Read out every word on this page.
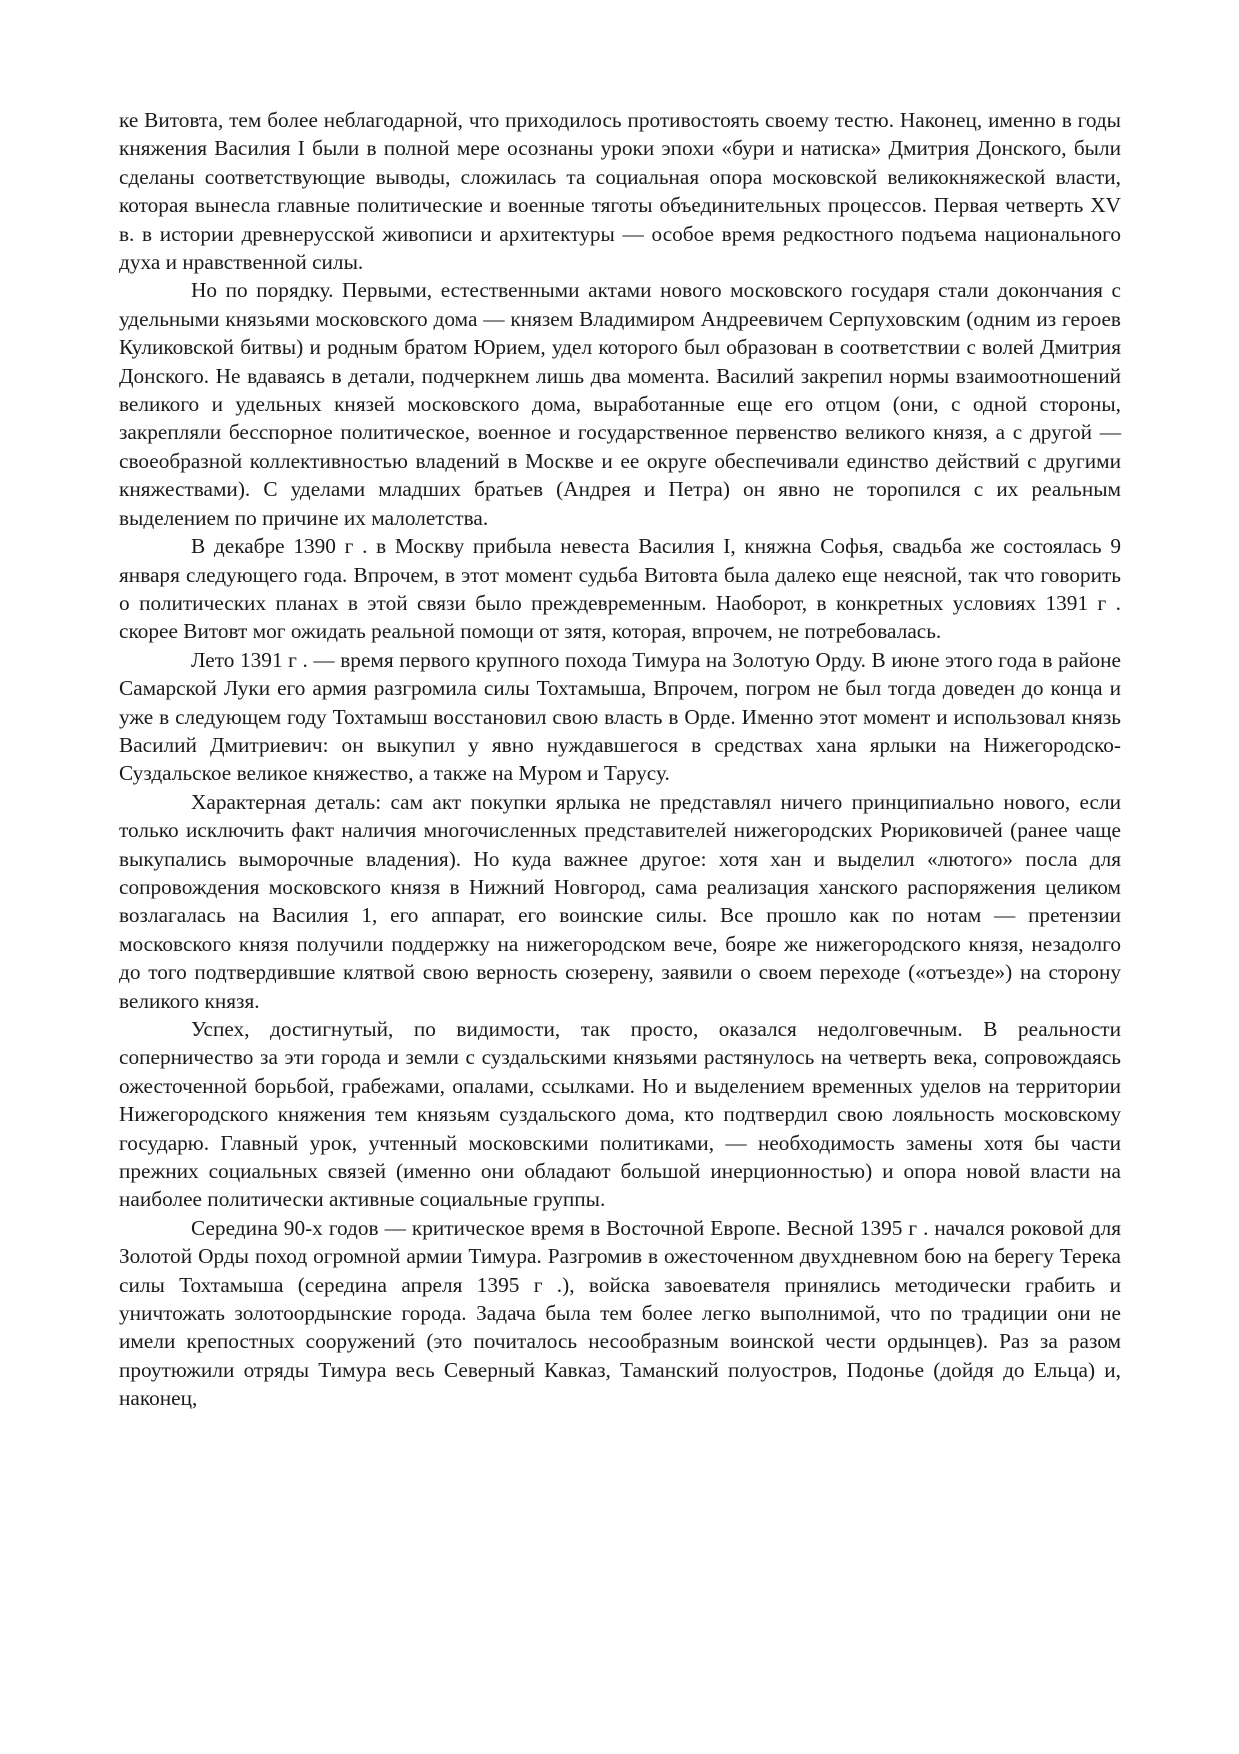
ке Витовта, тем более неблагодарной, что приходилось противостоять своему тестю. Наконец, именно в годы княжения Василия I были в полной мере осознаны уроки эпохи «бури и натиска» Дмитрия Донского, были сделаны соответствующие выводы, сложилась та социальная опора московской великокняжеской власти, которая вынесла главные политические и военные тяготы объединительных процессов. Первая четверть XV в. в истории древнерусской живописи и архитектуры — особое время редкостного подъема национального духа и нравственной силы.

Но по порядку. Первыми, естественными актами нового московского государя стали докончания с удельными князьями московского дома — князем Владимиром Андреевичем Серпуховским (одним из героев Куликовской битвы) и родным братом Юрием, удел которого был образован в соответствии с волей Дмитрия Донского. Не вдаваясь в детали, подчеркнем лишь два момента. Василий закрепил нормы взаимоотношений великого и удельных князей московского дома, выработанные еще его отцом (они, с одной стороны, закрепляли бесспорное политическое, военное и государственное первенство великого князя, а с другой — своеобразной коллективностью владений в Москве и ее округе обеспечивали единство действий с другими княжествами). С уделами младших братьев (Андрея и Петра) он явно не торопился с их реальным выделением по причине их малолетства.

В декабре 1390 г . в Москву прибыла невеста Василия I, княжна Софья, свадьба же состоялась 9 января следующего года. Впрочем, в этот момент судьба Витовта была далеко еще неясной, так что говорить о политических планах в этой связи было преждевременным. Наоборот, в конкретных условиях 1391 г . скорее Витовт мог ожидать реальной помощи от зятя, которая, впрочем, не потребовалась.

Лето 1391 г . — время первого крупного похода Тимура на Золотую Орду. В июне этого года в районе Самарской Луки его армия разгромила силы Тохтамыша, Впрочем, погром не был тогда доведен до конца и уже в следующем году Тохтамыш восстановил свою власть в Орде. Именно этот момент и использовал князь Василий Дмитриевич: он выкупил у явно нуждавшегося в средствах хана ярлыки на Нижегородско-Суздальское великое княжество, а также на Муром и Тарусу.

Характерная деталь: сам акт покупки ярлыка не представлял ничего принципиально нового, если только исключить факт наличия многочисленных представителей нижегородских Рюриковичей (ранее чаще выкупались выморочные владения). Но куда важнее другое: хотя хан и выделил «лютого» посла для сопровождения московского князя в Нижний Новгород, сама реализация ханского распоряжения целиком возлагалась на Василия 1, его аппарат, его воинские силы. Все прошло как по нотам — претензии московского князя получили поддержку на нижегородском вече, бояре же нижегородского князя, незадолго до того подтвердившие клятвой свою верность сюзерену, заявили о своем переходе («отъезде») на сторону великого князя.

Успех, достигнутый, по видимости, так просто, оказался недолговечным. В реальности соперничество за эти города и земли с суздальскими князьями растянулось на четверть века, сопровождаясь ожесточенной борьбой, грабежами, опалами, ссылками. Но и выделением временных уделов на территории Нижегородского княжения тем князьям суздальского дома, кто подтвердил свою лояльность московскому государю. Главный урок, учтенный московскими политиками, — необходимость замены хотя бы части прежних социальных связей (именно они обладают большой инерционностью) и опора новой власти на наиболее политически активные социальные группы.

Середина 90-х годов — критическое время в Восточной Европе. Весной 1395 г . начался роковой для Золотой Орды поход огромной армии Тимура. Разгромив в ожесточенном двухдневном бою на берегу Терека силы Тохтамыша (середина апреля 1395 г .), войска завоевателя принялись методически грабить и уничтожать золотоордынские города. Задача была тем более легко выполнимой, что по традиции они не имели крепостных сооружений (это почиталось несообразным воинской чести ордынцев). Раз за разом проутюжили отряды Тимура весь Северный Кавказ, Таманский полуостров, Подонье (дойдя до Ельца) и, наконец,
